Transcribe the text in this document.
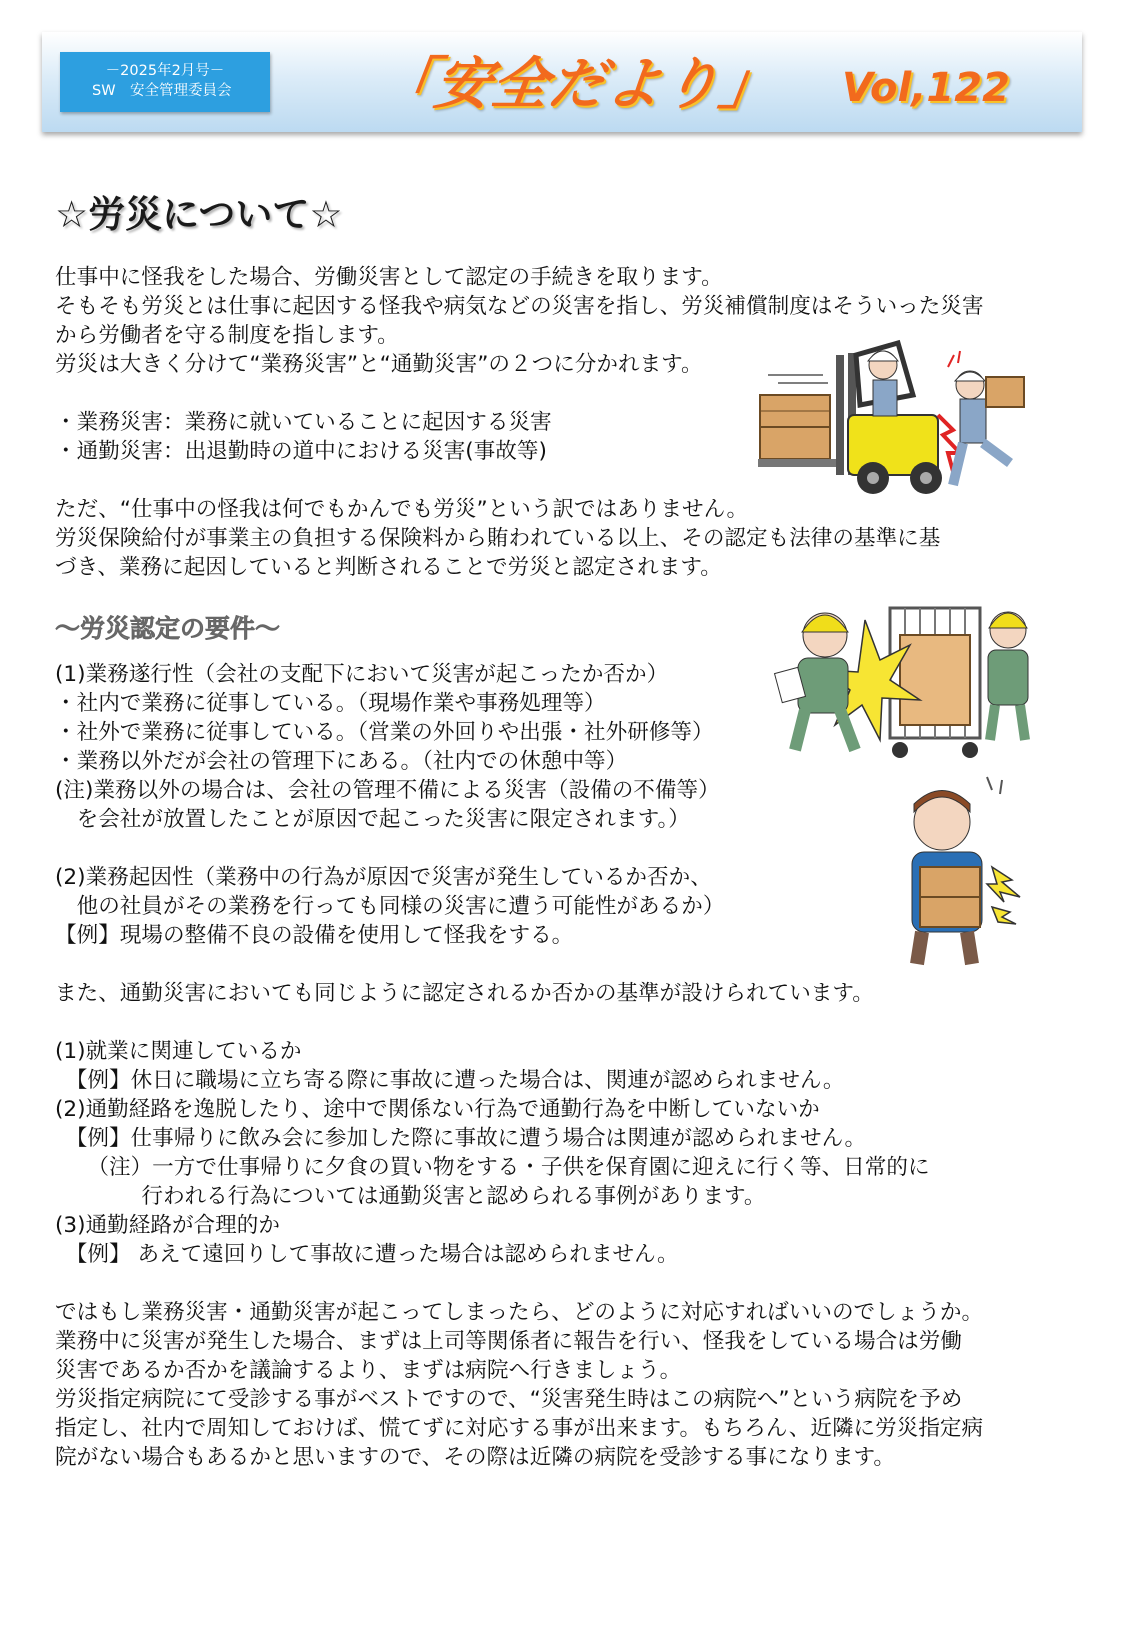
－2025年2月号－
SW　安全管理委員会	「安全だより」 Vol,122
☆労災について☆
仕事中に怪我をした場合、労働災害として認定の手続きを取ります。
そもそも労災とは仕事に起因する怪我や病気などの災害を指し、労災補償制度はそういった災害
から労働者を守る制度を指します。
労災は大きく分けて“業務災害”と“通勤災害”の２つに分かれます。
・業務災害：業務に就いていることに起因する災害
・通勤災害：出退勤時の道中における災害(事故等)
ただ、“仕事中の怪我は何でもかんでも労災”という訳ではありません。
労災保険給付が事業主の負担する保険料から賄われている以上、その認定も法律の基準に基
づき、業務に起因していると判断されることで労災と認定されます。
～労災認定の要件～
(1)業務遂行性（会社の支配下において災害が起こったか否か）
・社内で業務に従事している。（現場作業や事務処理等）
・社外で業務に従事している。（営業の外回りや出張・社外研修等）
・業務以外だが会社の管理下にある。（社内での休憩中等）
(注)業務以外の場合は、会社の管理不備による災害（設備の不備等）
　を会社が放置したことが原因で起こった災害に限定されます。）
(2)業務起因性（業務中の行為が原因で災害が発生しているか否か、
　他の社員がその業務を行っても同様の災害に遭う可能性があるか）
【例】現場の整備不良の設備を使用して怪我をする。
また、通勤災害においても同じように認定されるか否かの基準が設けられています。
(1)就業に関連しているか
　【例】休日に職場に立ち寄る際に事故に遭った場合は、関連が認められません。
(2)通勤経路を逸脱したり、途中で関係ない行為で通勤行為を中断していないか
　【例】仕事帰りに飲み会に参加した際に事故に遭う場合は関連が認められません。
　　（注）一方で仕事帰りに夕食の買い物をする・子供を保育園に迎えに行く等、日常的に
　　　　行われる行為については通勤災害と認められる事例があります。
(3)通勤経路が合理的か
　【例】 あえて遠回りして事故に遭った場合は認められません。
ではもし業務災害・通勤災害が起こってしまったら、どのように対応すればいいのでしょうか。
業務中に災害が発生した場合、まずは上司等関係者に報告を行い、怪我をしている場合は労働
災害であるか否かを議論するより、まずは病院へ行きましょう。
労災指定病院にて受診する事がベストですので、“災害発生時はこの病院へ”という病院を予め
指定し、社内で周知しておけば、慌てずに対応する事が出来ます。もちろん、近隣に労災指定病
院がない場合もあるかと思いますので、その際は近隣の病院を受診する事になります。
